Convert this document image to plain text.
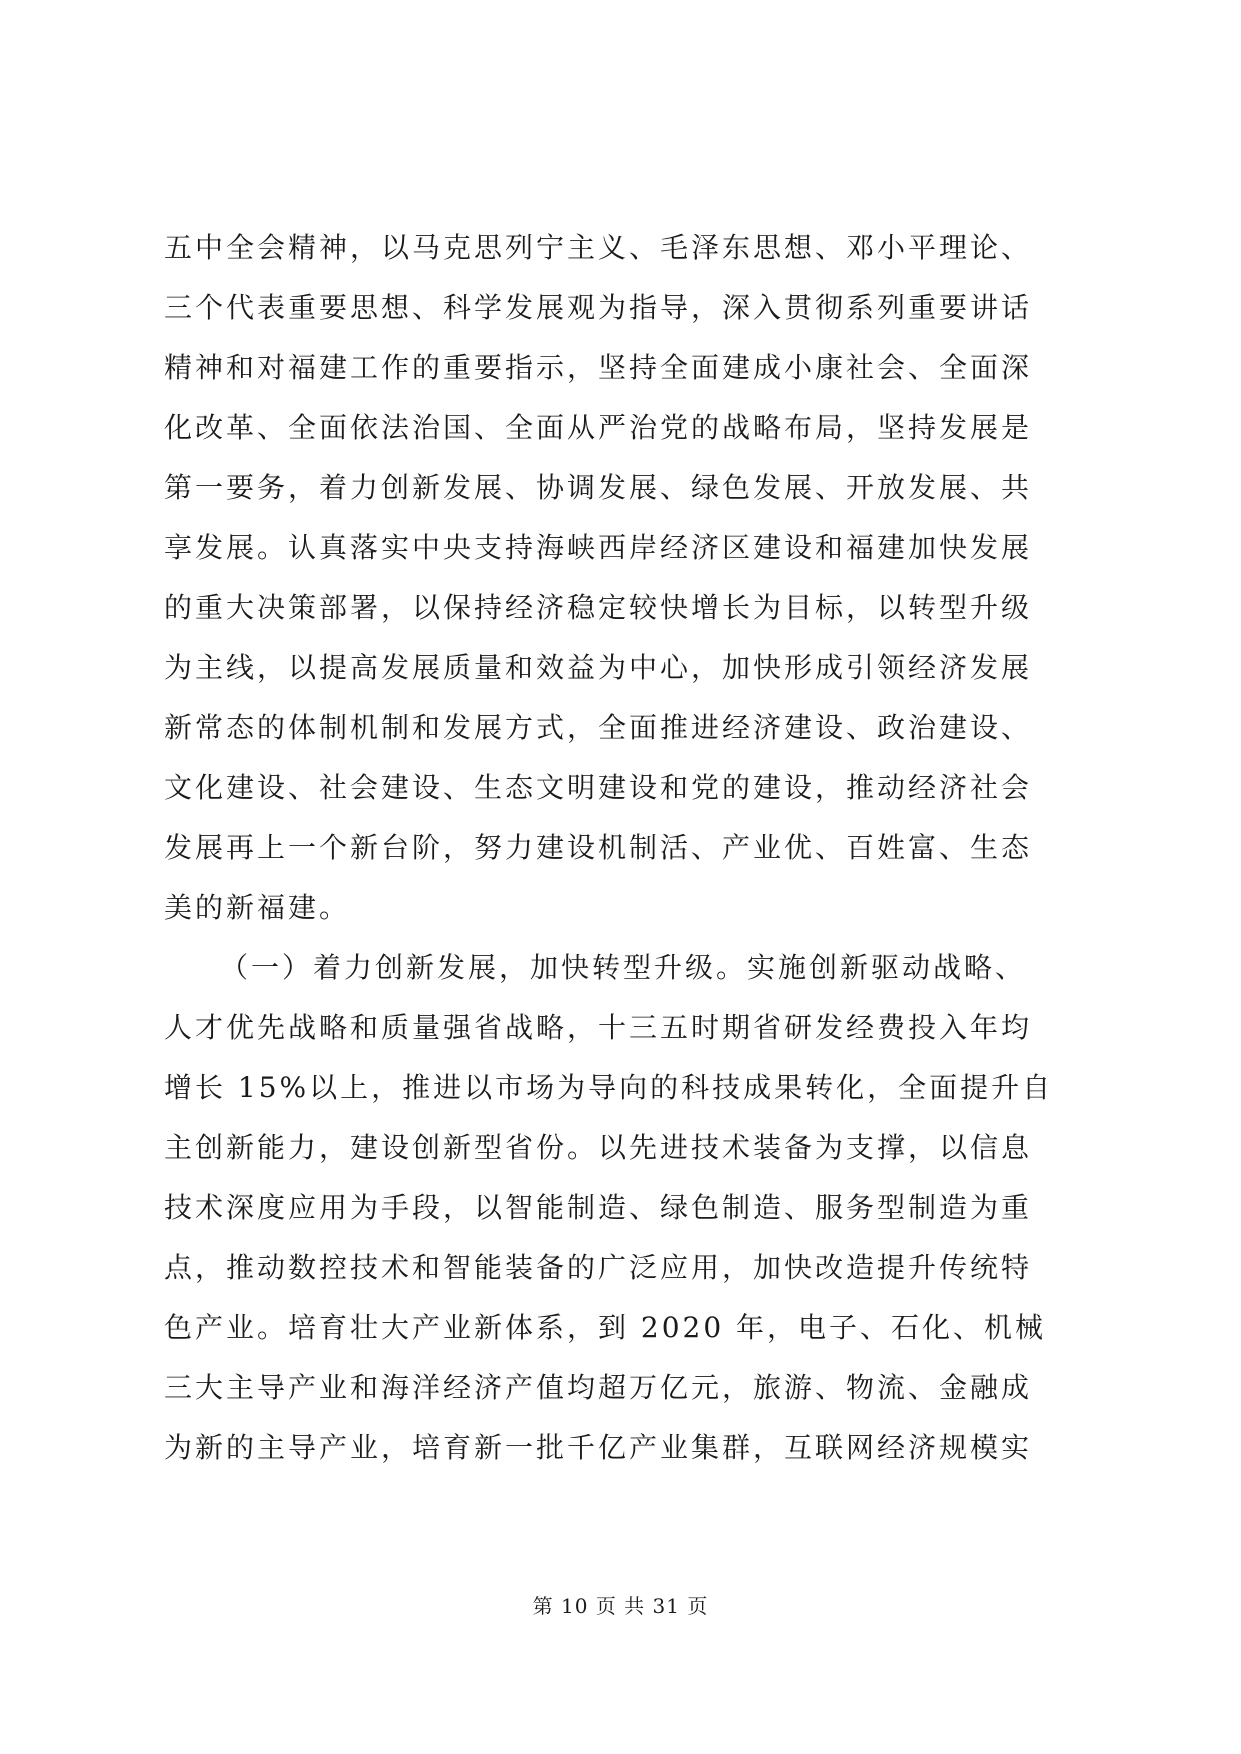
五中全会精神，以马克思列宁主义、毛泽东思想、邓小平理论、
三个代表重要思想、科学发展观为指导，深入贯彻系列重要讲话
精神和对福建工作的重要指示，坚持全面建成小康社会、全面深
化改革、全面依法治国、全面从严治党的战略布局，坚持发展是
第一要务，着力创新发展、协调发展、绿色发展、开放发展、共
享发展。认真落实中央支持海峡西岸经济区建设和福建加快发展
的重大决策部署，以保持经济稳定较快增长为目标，以转型升级
为主线，以提高发展质量和效益为中心，加快形成引领经济发展
新常态的体制机制和发展方式，全面推进经济建设、政治建设、
文化建设、社会建设、生态文明建设和党的建设，推动经济社会
发展再上一个新台阶，努力建设机制活、产业优、百姓富、生态
美的新福建。
（一）着力创新发展，加快转型升级。实施创新驱动战略、
人才优先战略和质量强省战略，十三五时期省研发经费投入年均
增长 15%以上，推进以市场为导向的科技成果转化，全面提升自
主创新能力，建设创新型省份。以先进技术装备为支撑，以信息
技术深度应用为手段，以智能制造、绿色制造、服务型制造为重
点，推动数控技术和智能装备的广泛应用，加快改造提升传统特
色产业。培育壮大产业新体系，到 2020 年，电子、石化、机械
三大主导产业和海洋经济产值均超万亿元，旅游、物流、金融成
为新的主导产业，培育新一批千亿产业集群，互联网经济规模实
第 10 页 共 31 页
